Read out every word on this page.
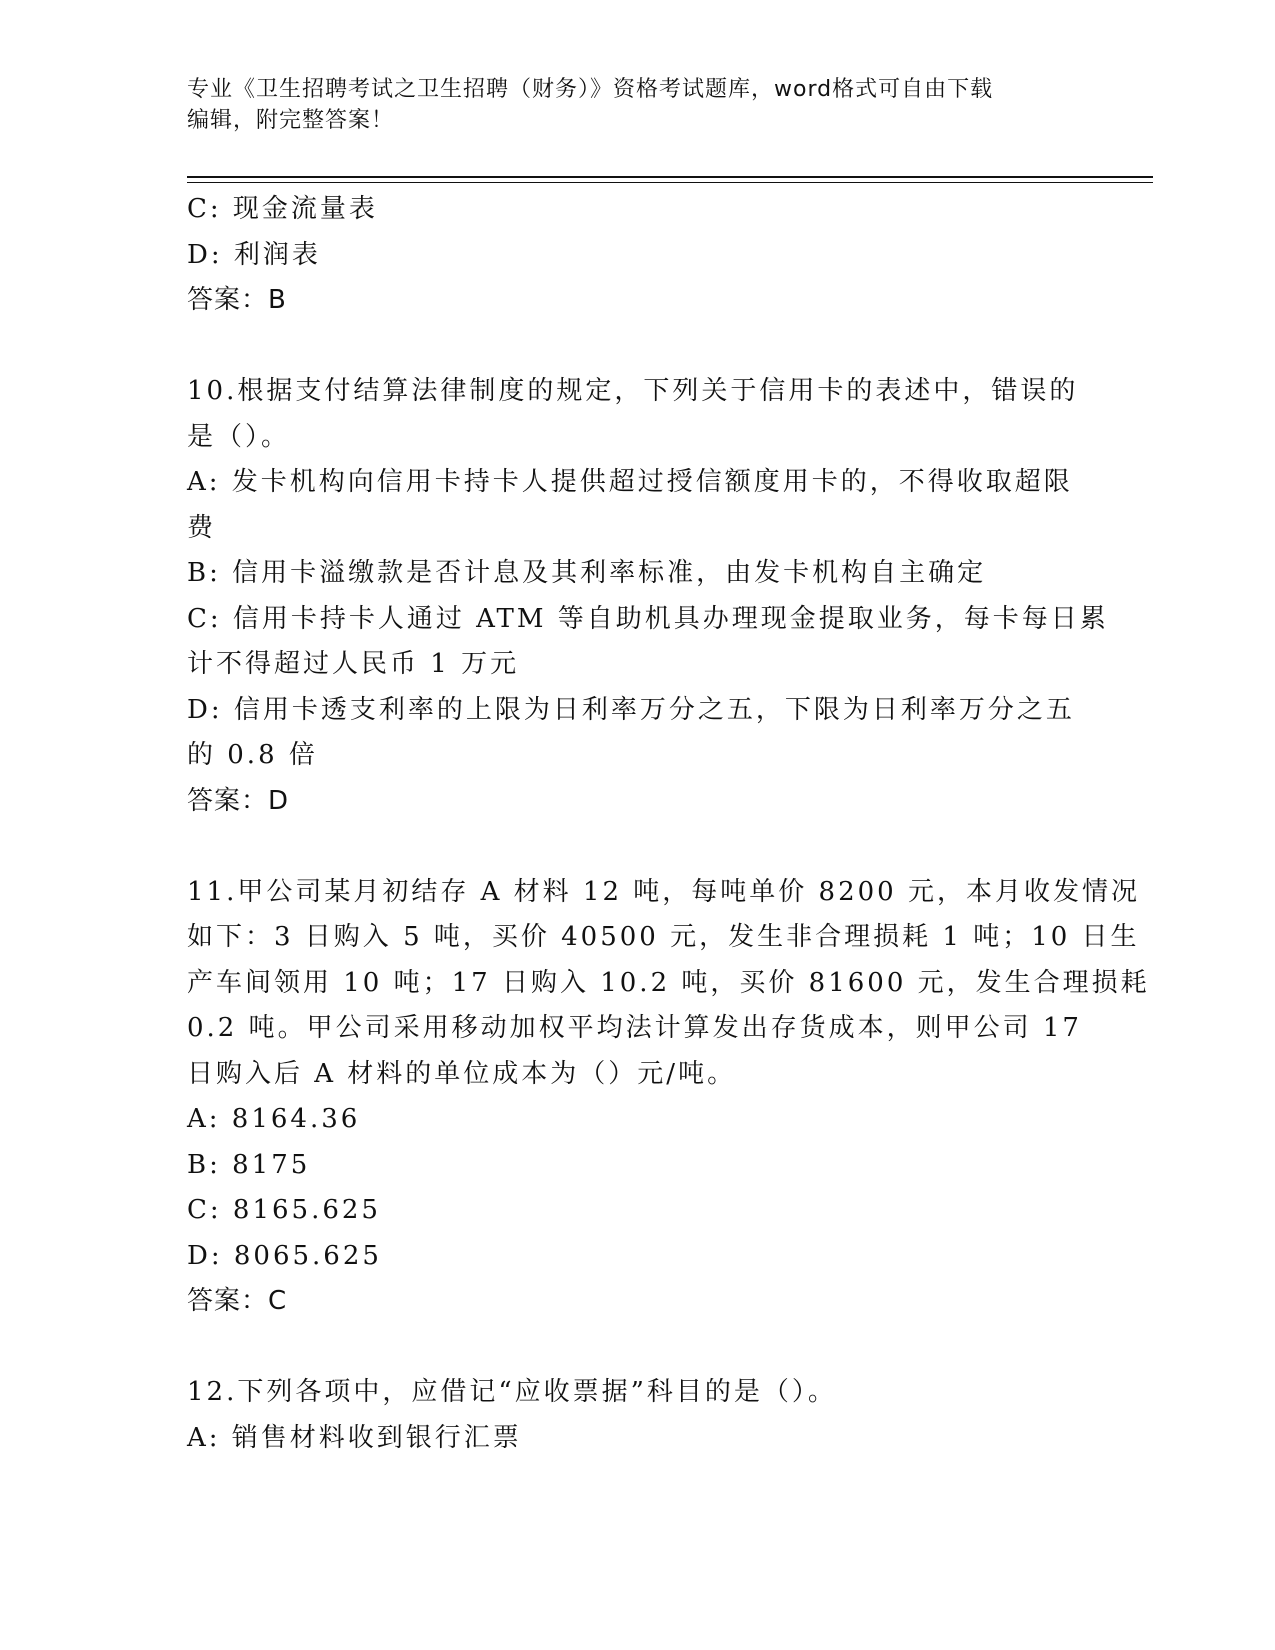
专业《卫生招聘考试之卫生招聘（财务）》资格考试题库，word格式可自由下载
编辑，附完整答案！

C: 现金流量表

D: 利润表

答案：B

10.根据支付结算法律制度的规定，下列关于信用卡的表述中，错误的

是（）。

A: 发卡机构向信用卡持卡人提供超过授信额度用卡的，不得收取超限

费

B: 信用卡溢缴款是否计息及其利率标准，由发卡机构自主确定

C: 信用卡持卡人通过 ATM 等自助机具办理现金提取业务，每卡每日累

计不得超过人民币 1 万元

D: 信用卡透支利率的上限为日利率万分之五，下限为日利率万分之五

的 0.8 倍

答案：D

11.甲公司某月初结存 A 材料 12 吨，每吨单价 8200 元，本月收发情况

如下：3 日购入 5 吨，买价 40500 元，发生非合理损耗 1 吨；10 日生

产车间领用 10 吨；17 日购入 10.2 吨，买价 81600 元，发生合理损耗

0.2 吨。甲公司采用移动加权平均法计算发出存货成本，则甲公司 17

日购入后 A 材料的单位成本为（）元/吨。

A: 8164.36

B: 8175

C: 8165.625

D: 8065.625

答案：C

12.下列各项中，应借记“应收票据”科目的是（）。

A: 销售材料收到银行汇票
